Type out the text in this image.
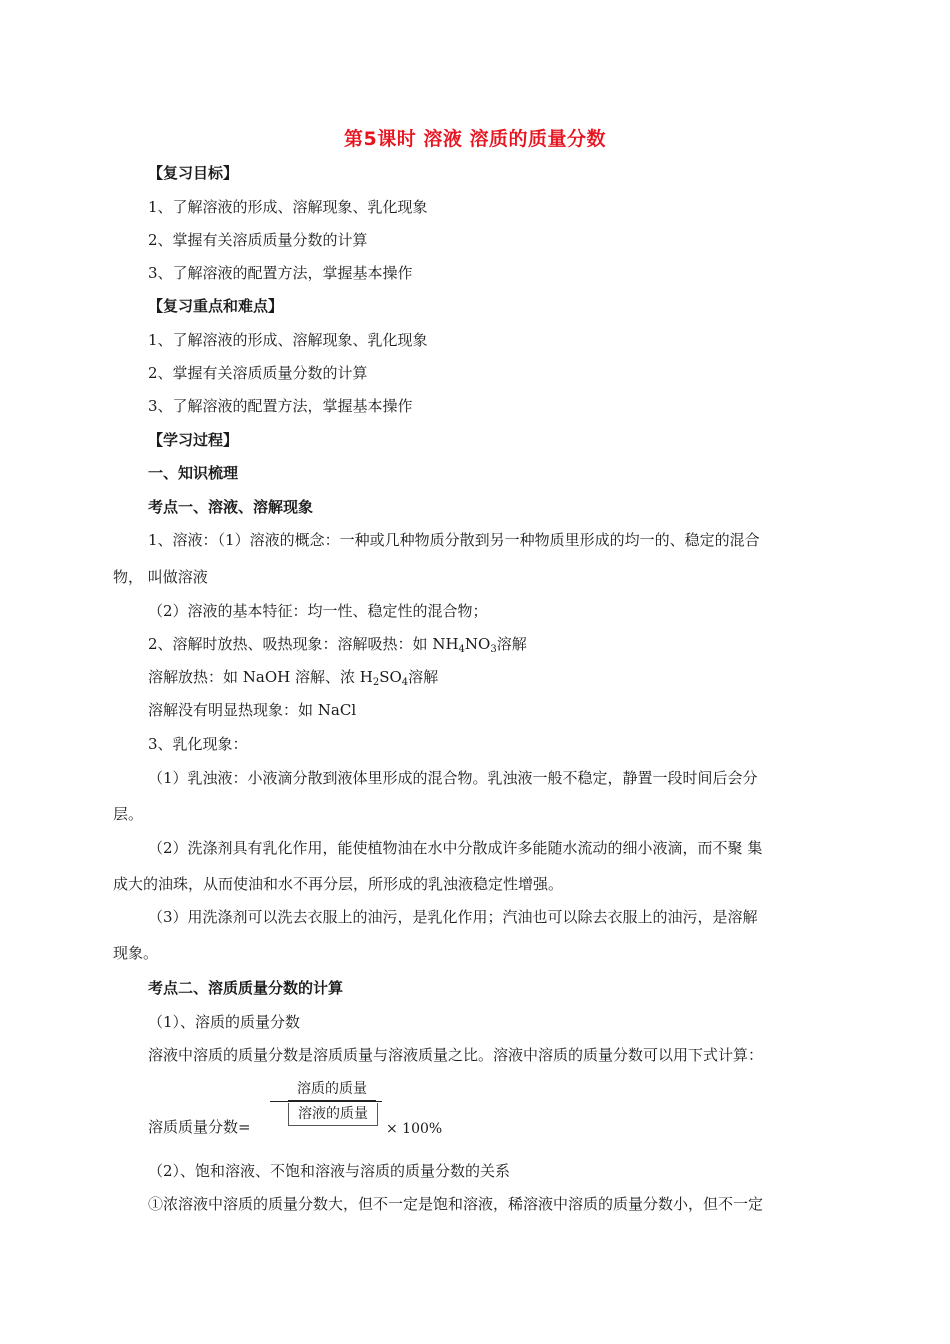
第5课时 溶液 溶质的质量分数
【复习目标】
1、了解溶液的形成、溶解现象、乳化现象
2、掌握有关溶质质量分数的计算
3、了解溶液的配置方法，掌握基本操作
【复习重点和难点】
1、了解溶液的形成、溶解现象、乳化现象
2、掌握有关溶质质量分数的计算
3、了解溶液的配置方法，掌握基本操作
【学习过程】
一、知识梳理
考点一、溶液、溶解现象
1、溶液：（1）溶液的概念：一种或几种物质分散到另一种物质里形成的均一的、稳定的混合
物， 叫做溶液
（2）溶液的基本特征：均一性、稳定性的混合物；
2、溶解时放热、吸热现象：溶解吸热：如 $NH_4NO_3$溶解
溶解放热：如 NaOH 溶解、浓 $H_2SO_4$溶解
溶解没有明显热现象：如 NaCl
3、乳化现象：
（1）乳浊液：小液滴分散到液体里形成的混合物。乳浊液一般不稳定，静置一段时间后会分
层。
（2）洗涤剂具有乳化作用，能使植物油在水中分散成许多能随水流动的细小液滴，而不聚 集
成大的油珠，从而使油和水不再分层，所形成的乳浊液稳定性增强。
（3）用洗涤剂可以洗去衣服上的油污，是乳化作用；汽油也可以除去衣服上的油污，是溶解
现象。
考点二、溶质质量分数的计算
（1）、溶质的质量分数
溶液中溶质的质量分数是溶质质量与溶液质量之比。溶液中溶质的质量分数可以用下式计算：
溶质质量分数=
溶质的质量
溶液的质量
× 100%
（2）、饱和溶液、不饱和溶液与溶质的质量分数的关系
①浓溶液中溶质的质量分数大，但不一定是饱和溶液，稀溶液中溶质的质量分数小，但不一定
